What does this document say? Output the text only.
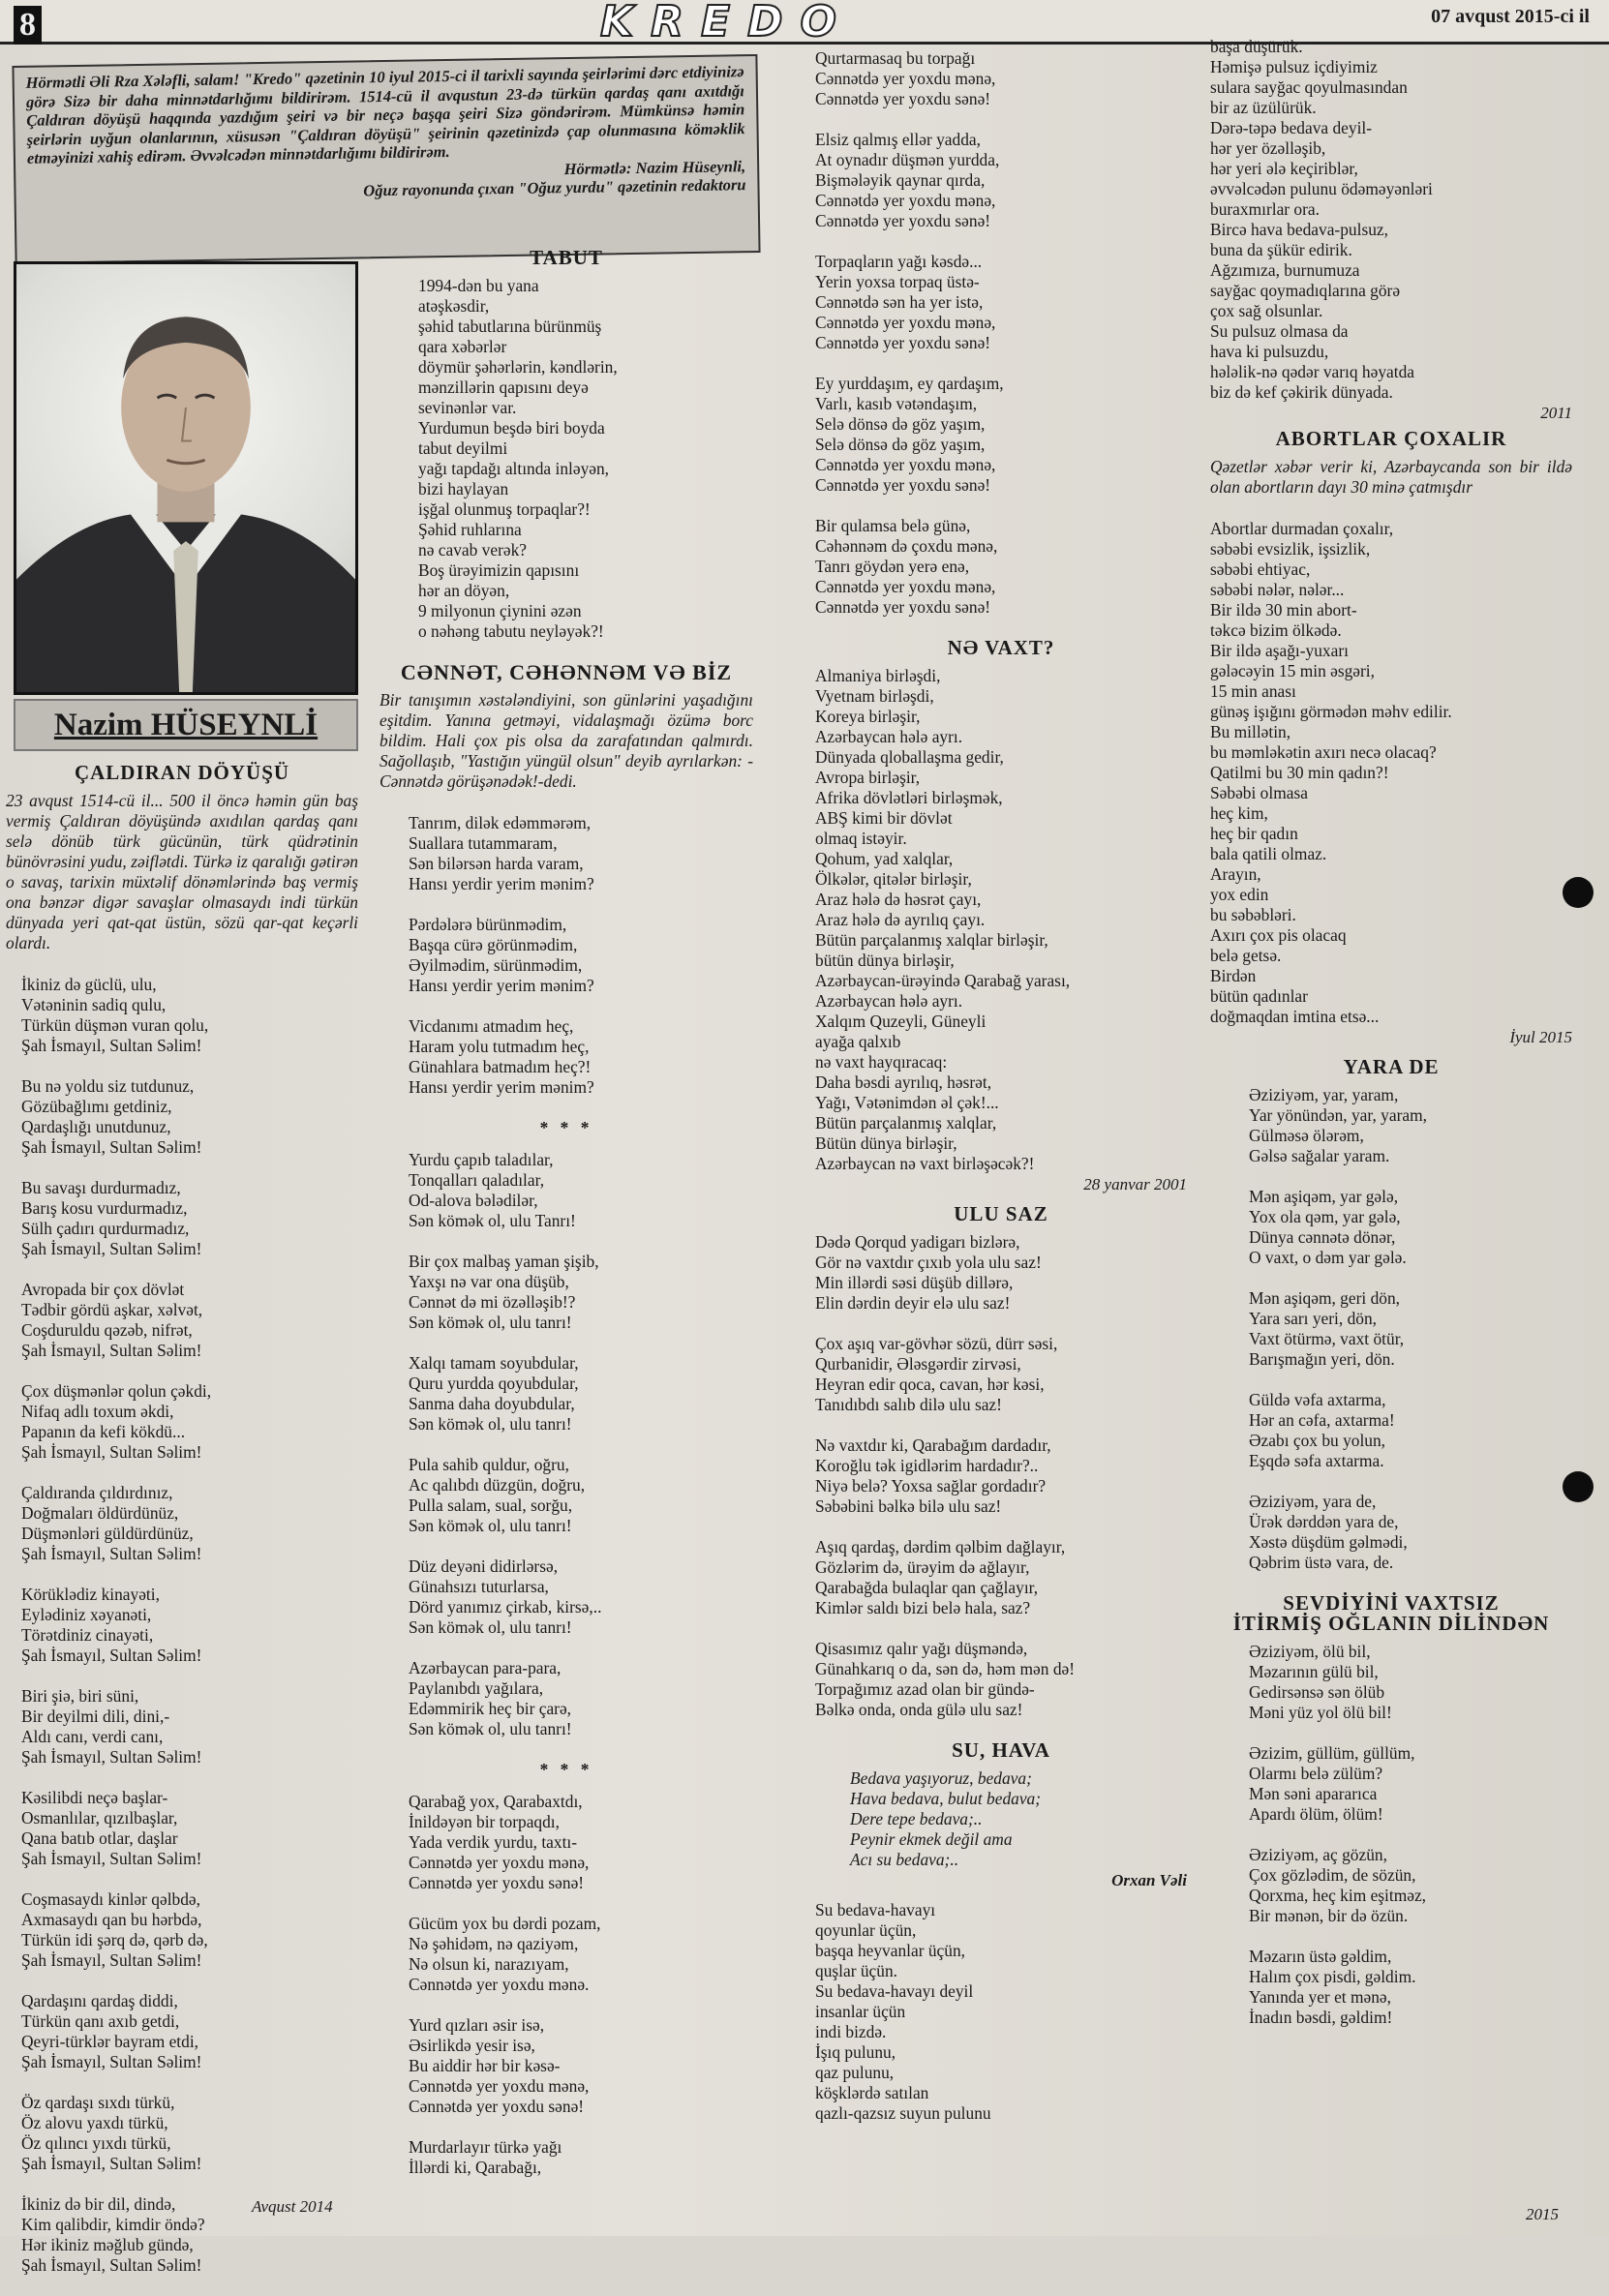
8	KREDO	07 avqust 2015-ci il
Hörmətli Əli Rza Xələfli, salam! "Kredo" qəzetinin 10 iyul 2015-ci il tarixli sayında şeirlərimi dərc etdiyinizə görə Sizə bir daha minnətdarlığımı bildirirəm. 1514-cü il avqustun 23-də türkün qardaş qanı axıtdığı Çaldıran döyüşü haqqında yazdığım şeiri və bir neçə başqa şeiri Sizə göndərirəm. Mümkünsə həmin şeirlərin uyğun olanlarının, xüsusən "Çaldıran döyüşü" şeirinin qəzetinizdə çap olunmasına köməklik etməyinizi xahiş edirəm. Əvvəlcədən minnətdarlığımı bildirirəm.	Hörmətlə: Nazim Hüseynli,
Oğuz rayonunda çıxan "Oğuz yurdu" qəzetinin redaktoru
Nazim HÜSEYNLİ
ÇALDIRAN DÖYÜŞÜ
23 avqust 1514-cü il... 500 il öncə həmin gün baş vermiş Çaldıran döyüşündə axıdılan qardaş qanı selə dönüb türk gücünün, türk qüdrətinin bünövrəsini yudu, zəiflətdi. Türkə iz qaralığı gətirən o savaş, tarixin müxtəlif dönəmlərində baş vermiş ona bənzər digər savaşlar olmasaydı indi türkün dünyada yeri qat-qat üstün, sözü qar-qat keçərli olardı.
İkiniz də güclü, ulu,
Vətəninin sadiq qulu,
Türkün düşmən vuran qolu,
Şah İsmayıl, Sultan Səlim!
Bu nə yoldu siz tutdunuz,
Gözübağlımı getdiniz,
Qardaşlığı unutdunuz,
Şah İsmayıl, Sultan Səlim!
Bu savaşı durdurmadız,
Barış kosu vurdurmadız,
Sülh çadırı qurdurmadız,
Şah İsmayıl, Sultan Səlim!
Avropada bir çox dövlət
Tədbir gördü aşkar, xəlvət,
Coşduruldu qəzəb, nifrət,
Şah İsmayıl, Sultan Səlim!
Çox düşmənlər qolun çəkdi,
Nifaq adlı toxum əkdi,
Papanın da kefi kökdü...
Şah İsmayıl, Sultan Səlim!
Çaldıranda çıldırdınız,
Doğmaları öldürdünüz,
Düşmənləri güldürdünüz,
Şah İsmayıl, Sultan Səlim!
Körüklədiz kinayəti,
Eylədiniz xəyanəti,
Törətdiniz cinayəti,
Şah İsmayıl, Sultan Səlim!
Biri şiə, biri süni,
Bir deyilmi dili, dini,-
Aldı canı, verdi canı,
Şah İsmayıl, Sultan Səlim!
Kəsilibdi neçə başlar-
Osmanlılar, qızılbaşlar,
Qana batıb otlar, daşlar
Şah İsmayıl, Sultan Səlim!
Coşmasaydı kinlər qəlbdə,
Axmasaydı qan bu hərbdə,
Türkün idi şərq də, qərb də,
Şah İsmayıl, Sultan Səlim!
Qardaşını qardaş diddi,
Türkün qanı axıb getdi,
Qeyri-türklər bayram etdi,
Şah İsmayıl, Sultan Səlim!
Öz qardaşı sıxdı türkü,
Öz alovu yaxdı türkü,
Öz qılıncı yıxdı türkü,
Şah İsmayıl, Sultan Səlim!
İkiniz də bir dil, dində,
Kim qalibdir, kimdir öndə?
Hər ikiniz məğlub gündə,
Şah İsmayıl, Sultan Səlim!
Avqust 2014
TABUT
1994-dən bu yana
atəşkəsdir,
şəhid tabutlarına bürünmüş
qara xəbərlər
döymür şəhərlərin, kəndlərin,
mənzillərin qapısını deyə
sevinənlər var.
Yurdumun beşdə biri boyda
tabut deyilmi
yağı tapdağı altında inləyən,
bizi haylayan
işğal olunmuş torpaqlar?!
Şəhid ruhlarına
nə cavab verək?
Boş ürəyimizin qapısını
hər an döyən,
9 milyonun çiynini əzən
o nəhəng tabutu neyləyək?!
CƏNNƏT, CƏHƏNNƏM VƏ BİZ
Bir tanışımın xəstələndiyini, son günlərini yaşadığını eşitdim. Yanına getməyi, vidalaşmağı özümə borc bildim. Hali çox pis olsa da zarafatından qalmırdı. Sağollaşıb, "Yastığın yüngül olsun" deyib ayrılarkən: -Cənnətdə görüşənədək!-dedi.
Tanrım, dilək edəmmərəm,
Suallara tutammaram,
Sən bilərsən harda varam,
Hansı yerdir yerim mənim?
Pərdələrə bürünmədim,
Başqa cürə görünmədim,
Əyilmədim, sürünmədim,
Hansı yerdir yerim mənim?
Vicdanımı atmadım heç,
Haram yolu tutmadım heç,
Günahlara batmadım heç?!
Hansı yerdir yerim mənim?
* * *
Yurdu çapıb taladılar,
Tonqalları qaladılar,
Od-alova bələdilər,
Sən kömək ol, ulu Tanrı!
Bir çox malbaş yaman şişib,
Yaxşı nə var ona düşüb,
Cənnət də mi özəlləşib!?
Sən kömək ol, ulu tanrı!
Xalqı tamam soyubdular,
Quru yurdda qoyubdular,
Sanma daha doyubdular,
Sən kömək ol, ulu tanrı!
Pula sahib quldur, oğru,
Ac qalıbdı düzgün, doğru,
Pulla salam, sual, sorğu,
Sən kömək ol, ulu tanrı!
Düz deyəni didirlərsə,
Günahsızı tuturlarsa,
Dörd yanımız çirkab, kirsə,..
Sən kömək ol, ulu tanrı!
Azərbaycan para-para,
Paylanıbdı yağılara,
Edəmmirik heç bir çarə,
Sən kömək ol, ulu tanrı!
* * *
Qarabağ yox, Qarabaxtdı,
İnildəyən bir torpaqdı,
Yada verdik yurdu, taxtı-
Cənnətdə yer yoxdu mənə,
Cənnətdə yer yoxdu sənə!
Gücüm yox bu dərdi pozam,
Nə şəhidəm, nə qaziyəm,
Nə olsun ki, narazıyam,
Cənnətdə yer yoxdu mənə.
Yurd qızları əsir isə,
Əsirlikdə yesir isə,
Bu aiddir hər bir kəsə-
Cənnətdə yer yoxdu mənə,
Cənnətdə yer yoxdu sənə!
Murdarlayır türkə yağı
İllərdi ki, Qarabağı,
Qurtarmasaq bu torpağı
Cənnətdə yer yoxdu mənə,
Cənnətdə yer yoxdu sənə!
Elsiz qalmış ellər yadda,
At oynadır düşmən yurdda,
Bişmələyik qaynar qırda,
Cənnətdə yer yoxdu mənə,
Cənnətdə yer yoxdu sənə!
Torpaqların yağı kəsdə...
Yerin yoxsa torpaq üstə-
Cənnətdə sən ha yer istə,
Cənnətdə yer yoxdu mənə,
Cənnətdə yer yoxdu sənə!
Ey yurddaşım, ey qardaşım,
Varlı, kasıb vətəndaşım,
Selə dönsə də göz yaşım,
Selə dönsə də göz yaşım,
Cənnətdə yer yoxdu mənə,
Cənnətdə yer yoxdu sənə!
Bir qulamsa belə günə,
Cəhənnəm də çoxdu mənə,
Tanrı göydən yerə enə,
Cənnətdə yer yoxdu mənə,
Cənnətdə yer yoxdu sənə!
NƏ VAXT?
Almaniya birləşdi,
Vyetnam birləşdi,
Koreya birləşir,
Azərbaycan hələ ayrı.
Dünyada qloballaşma gedir,
Avropa birləşir,
Afrika dövlətləri birləşmək,
ABŞ kimi bir dövlət
olmaq istəyir.
Qohum, yad xalqlar,
Ölkələr, qitələr birləşir,
Araz hələ də həsrət çayı,
Araz hələ də ayrılıq çayı.
Bütün parçalanmış xalqlar birləşir,
bütün dünya birləşir,
Azərbaycan-ürəyində Qarabağ yarası,
Azərbaycan hələ ayrı.
Xalqım Quzeyli, Güneyli
ayağa qalxıb
nə vaxt hayqıracaq:
Daha bəsdi ayrılıq, həsrət,
Yağı, Vətənimdən əl çək!...
Bütün parçalanmış xalqlar,
Bütün dünya birləşir,
Azərbaycan nə vaxt birləşəcək?!
28 yanvar 2001
ULU SAZ
Dədə Qorqud yadigarı bizlərə,
Gör nə vaxtdır çıxıb yola ulu saz!
Min illərdi səsi düşüb dillərə,
Elin dərdin deyir elə ulu saz!
Çox aşıq var-gövhər sözü, dürr səsi,
Qurbanidir, Ələsgərdir zirvəsi,
Heyran edir qoca, cavan, hər kəsi,
Tanıdıbdı salıb dilə ulu saz!
Nə vaxtdır ki, Qarabağım dardadır,
Koroğlu tək igidlərim hardadır?..
Niyə belə? Yoxsa sağlar gordadır?
Səbəbini bəlkə bilə ulu saz!
Aşıq qardaş, dərdim qəlbim dağlayır,
Gözlərim də, ürəyim də ağlayır,
Qarabağda bulaqlar qan çağlayır,
Kimlər saldı bizi belə hala, saz?
Qisasımız qalır yağı düşməndə,
Günahkarıq o da, sən də, həm mən də!
Torpağımız azad olan bir gündə-
Bəlkə onda, onda gülə ulu saz!
SU, HAVA
Bedava yaşıyoruz, bedava;
Hava bedava, bulut bedava;
Dere tepe bedava;..
Peynir ekmek değil ama
Acı su bedava;..
Orxan Vəli
Su bedava-havayı
qoyunlar üçün,
başqa heyvanlar üçün,
quşlar üçün.
Su bedava-havayı deyil
insanlar üçün
indi bizdə.
İşıq pulunu,
qaz pulunu,
köşklərdə satılan
qazlı-qazsız suyun pulunu
başa düşürük.
Həmişə pulsuz içdiyimiz
sulara sayğac qoyulmasından
bir az üzülürük.
Dərə-təpə bedava deyil-
hər yer özəlləşib,
hər yeri ələ keçiriblər,
əvvəlcədən pulunu ödəməyənləri
buraxmırlar ora.
Bircə hava bedava-pulsuz,
buna da şükür edirik.
Ağzımıza, burnumuza
sayğac qoymadıqlarına görə
çox sağ olsunlar.
Su pulsuz olmasa da
hava ki pulsuzdu,
hələlik-nə qədər varıq həyatda
biz də kef çəkirik dünyada.
2011
ABORTLAR ÇOXALIR
Qəzetlər xəbər verir ki, Azərbaycanda son bir ildə olan abortların dayı 30 minə çatmışdır
Abortlar durmadan çoxalır,
səbəbi evsizlik, işsizlik,
səbəbi ehtiyac,
səbəbi nələr, nələr...
Bir ildə 30 min abort-
təkcə bizim ölkədə.
Bir ildə aşağı-yuxarı
gələcəyin 15 min əsgəri,
15 min anası
günəş işığını görmədən məhv edilir.
Bu millətin,
bu məmləkətin axırı necə olacaq?
Qatilmi bu 30 min qadın?!
Səbəbi olmasa
heç kim,
heç bir qadın
bala qatili olmaz.
Arayın,
yox edin
bu səbəbləri.
Axırı çox pis olacaq
belə getsə.
Birdən
bütün qadınlar
doğmaqdan imtina etsə...
İyul 2015
YARA DE
Əziziyəm, yar, yaram,
Yar yönündən, yar, yaram,
Gülməsə ölərəm,
Gəlsə sağalar yaram.
Mən aşiqəm, yar gələ,
Yox ola qəm, yar gələ,
Dünya cənnətə dönər,
O vaxt, o dəm yar gələ.
Mən aşiqəm, geri dön,
Yara sarı yeri, dön,
Vaxt ötürmə, vaxt ötür,
Barışmağın yeri, dön.
Güldə vəfa axtarma,
Hər an cəfa, axtarma!
Əzabı çox bu yolun,
Eşqdə səfa axtarma.
Əziziyəm, yara de,
Ürək dərddən yara de,
Xəstə düşdüm gəlmədi,
Qəbrim üstə vara, de.
SEVDİYİNİ VAXTSIZ
İTİRMİŞ OĞLANIN DİLİNDƏN
Əziziyəm, ölü bil,
Məzarının gülü bil,
Gedirsənsə sən ölüb
Məni yüz yol ölü bil!
Əzizim, güllüm, güllüm,
Olarmı belə zülüm?
Mən səni apararıca
Apardı ölüm, ölüm!
Əziziyəm, aç gözün,
Çox gözlədim, de sözün,
Qorxma, heç kim eşitməz,
Bir mənən, bir də özün.
Məzarın üstə gəldim,
Halım çox pisdi, gəldim.
Yanında yer et mənə,
İnadın bəsdi, gəldim!
2015
